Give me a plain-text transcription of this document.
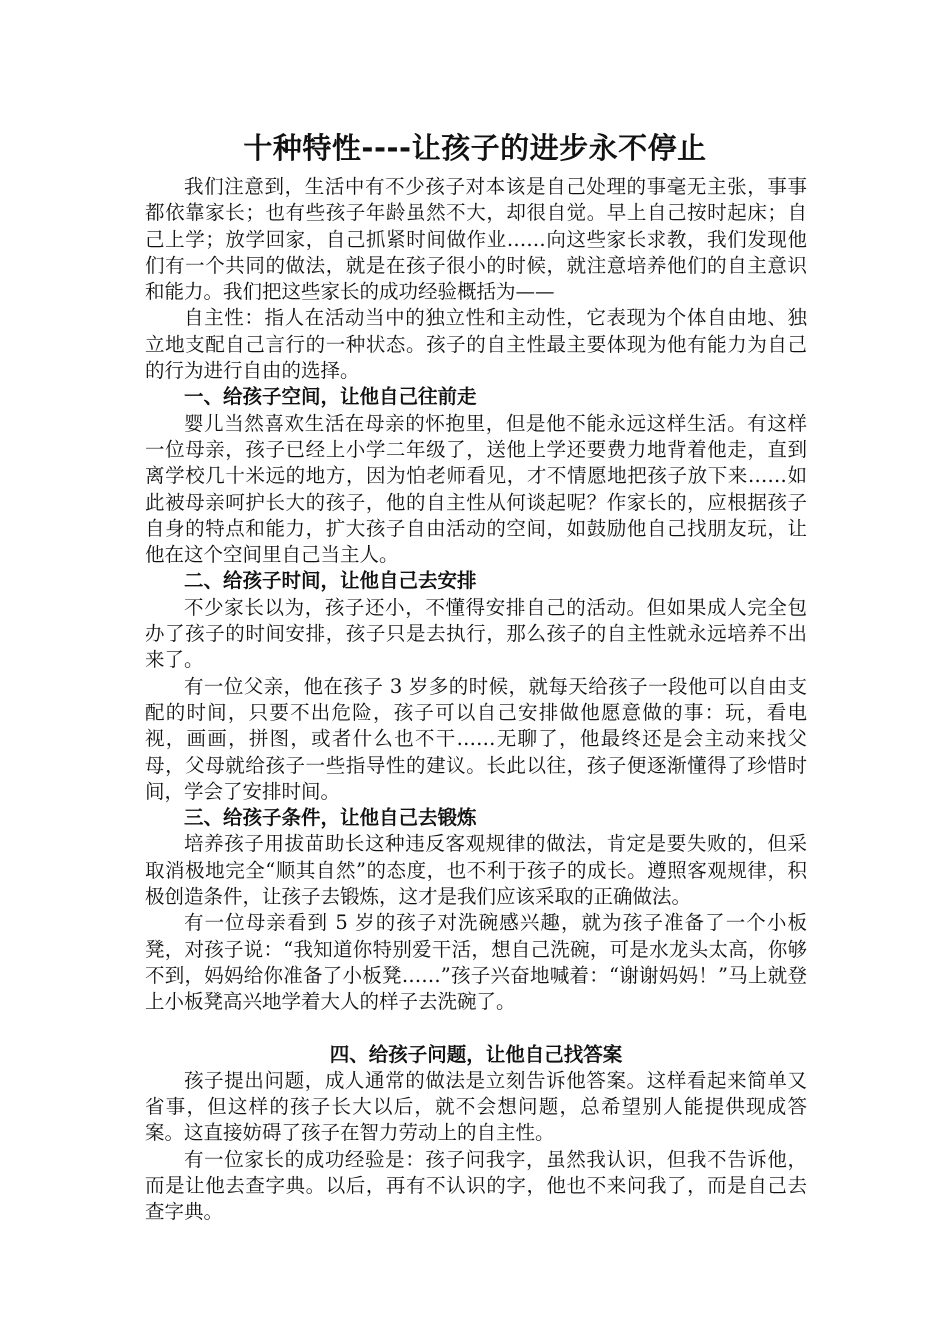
十种特性----让孩子的进步永不停止

我们注意到，生活中有不少孩子对本该是自己处理的事毫无主张，事事都依靠家长；也有些孩子年龄虽然不大，却很自觉。早上自己按时起床；自己上学；放学回家，自己抓紧时间做作业……向这些家长求教，我们发现他们有一个共同的做法，就是在孩子很小的时候，就注意培养他们的自主意识和能力。我们把这些家长的成功经验概括为——

自主性：指人在活动当中的独立性和主动性，它表现为个体自由地、独立地支配自己言行的一种状态。孩子的自主性最主要体现为他有能力为自己的行为进行自由的选择。

一、给孩子空间，让他自己往前走

婴儿当然喜欢生活在母亲的怀抱里，但是他不能永远这样生活。有这样一位母亲，孩子已经上小学二年级了，送他上学还要费力地背着他走，直到离学校几十米远的地方，因为怕老师看见，才不情愿地把孩子放下来……如此被母亲呵护长大的孩子，他的自主性从何谈起呢？作家长的，应根据孩子自身的特点和能力，扩大孩子自由活动的空间，如鼓励他自己找朋友玩，让他在这个空间里自己当主人。

二、给孩子时间，让他自己去安排

不少家长以为，孩子还小，不懂得安排自己的活动。但如果成人完全包办了孩子的时间安排，孩子只是去执行，那么孩子的自主性就永远培养不出来了。

有一位父亲，他在孩子 3 岁多的时候，就每天给孩子一段他可以自由支配的时间，只要不出危险，孩子可以自己安排做他愿意做的事：玩，看电视，画画，拼图，或者什么也不干……无聊了，他最终还是会主动来找父母，父母就给孩子一些指导性的建议。长此以往，孩子便逐渐懂得了珍惜时间，学会了安排时间。

三、给孩子条件，让他自己去锻炼

培养孩子用拔苗助长这种违反客观规律的做法，肯定是要失败的，但采取消极地完全“顺其自然”的态度，也不利于孩子的成长。遵照客观规律，积极创造条件，让孩子去锻炼，这才是我们应该采取的正确做法。

有一位母亲看到 5 岁的孩子对洗碗感兴趣，就为孩子准备了一个小板凳，对孩子说：“我知道你特别爱干活，想自己洗碗，可是水龙头太高，你够不到，妈妈给你准备了小板凳……”孩子兴奋地喊着：“谢谢妈妈！”马上就登上小板凳高兴地学着大人的样子去洗碗了。

四、给孩子问题，让他自己找答案

孩子提出问题，成人通常的做法是立刻告诉他答案。这样看起来简单又省事，但这样的孩子长大以后，就不会想问题，总希望别人能提供现成答案。这直接妨碍了孩子在智力劳动上的自主性。

有一位家长的成功经验是：孩子问我字，虽然我认识，但我不告诉他，而是让他去查字典。以后，再有不认识的字，他也不来问我了，而是自己去查字典。
